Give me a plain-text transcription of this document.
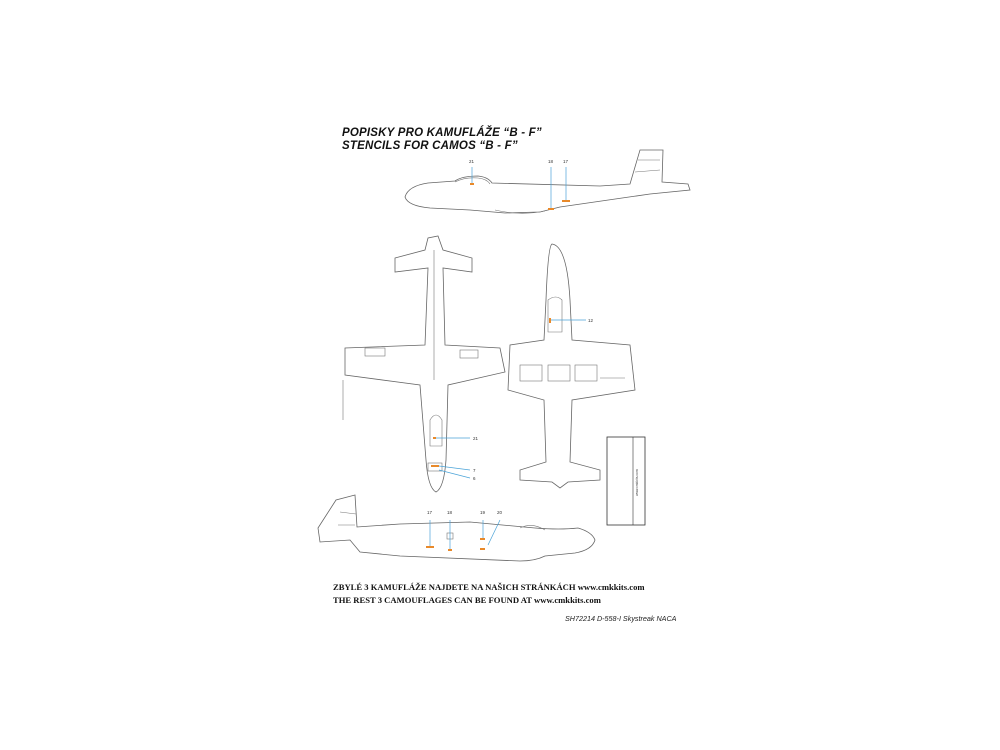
POPISKY PRO KAMUFLÁŽE “B - F”
STENCILS FOR CAMOS “B - F”
21	18 17
21
7
6
12
17	18	19	20
www.cmkkits.com
ZBYLÉ 3 KAMUFLÁŽE NAJDETE NA NAŠICH STRÁNKÁCH www.cmkkits.com
THE REST 3 CAMOUFLAGES CAN BE FOUND AT www.cmkkits.com
SH72214 D-558-I Skystreak NACA
